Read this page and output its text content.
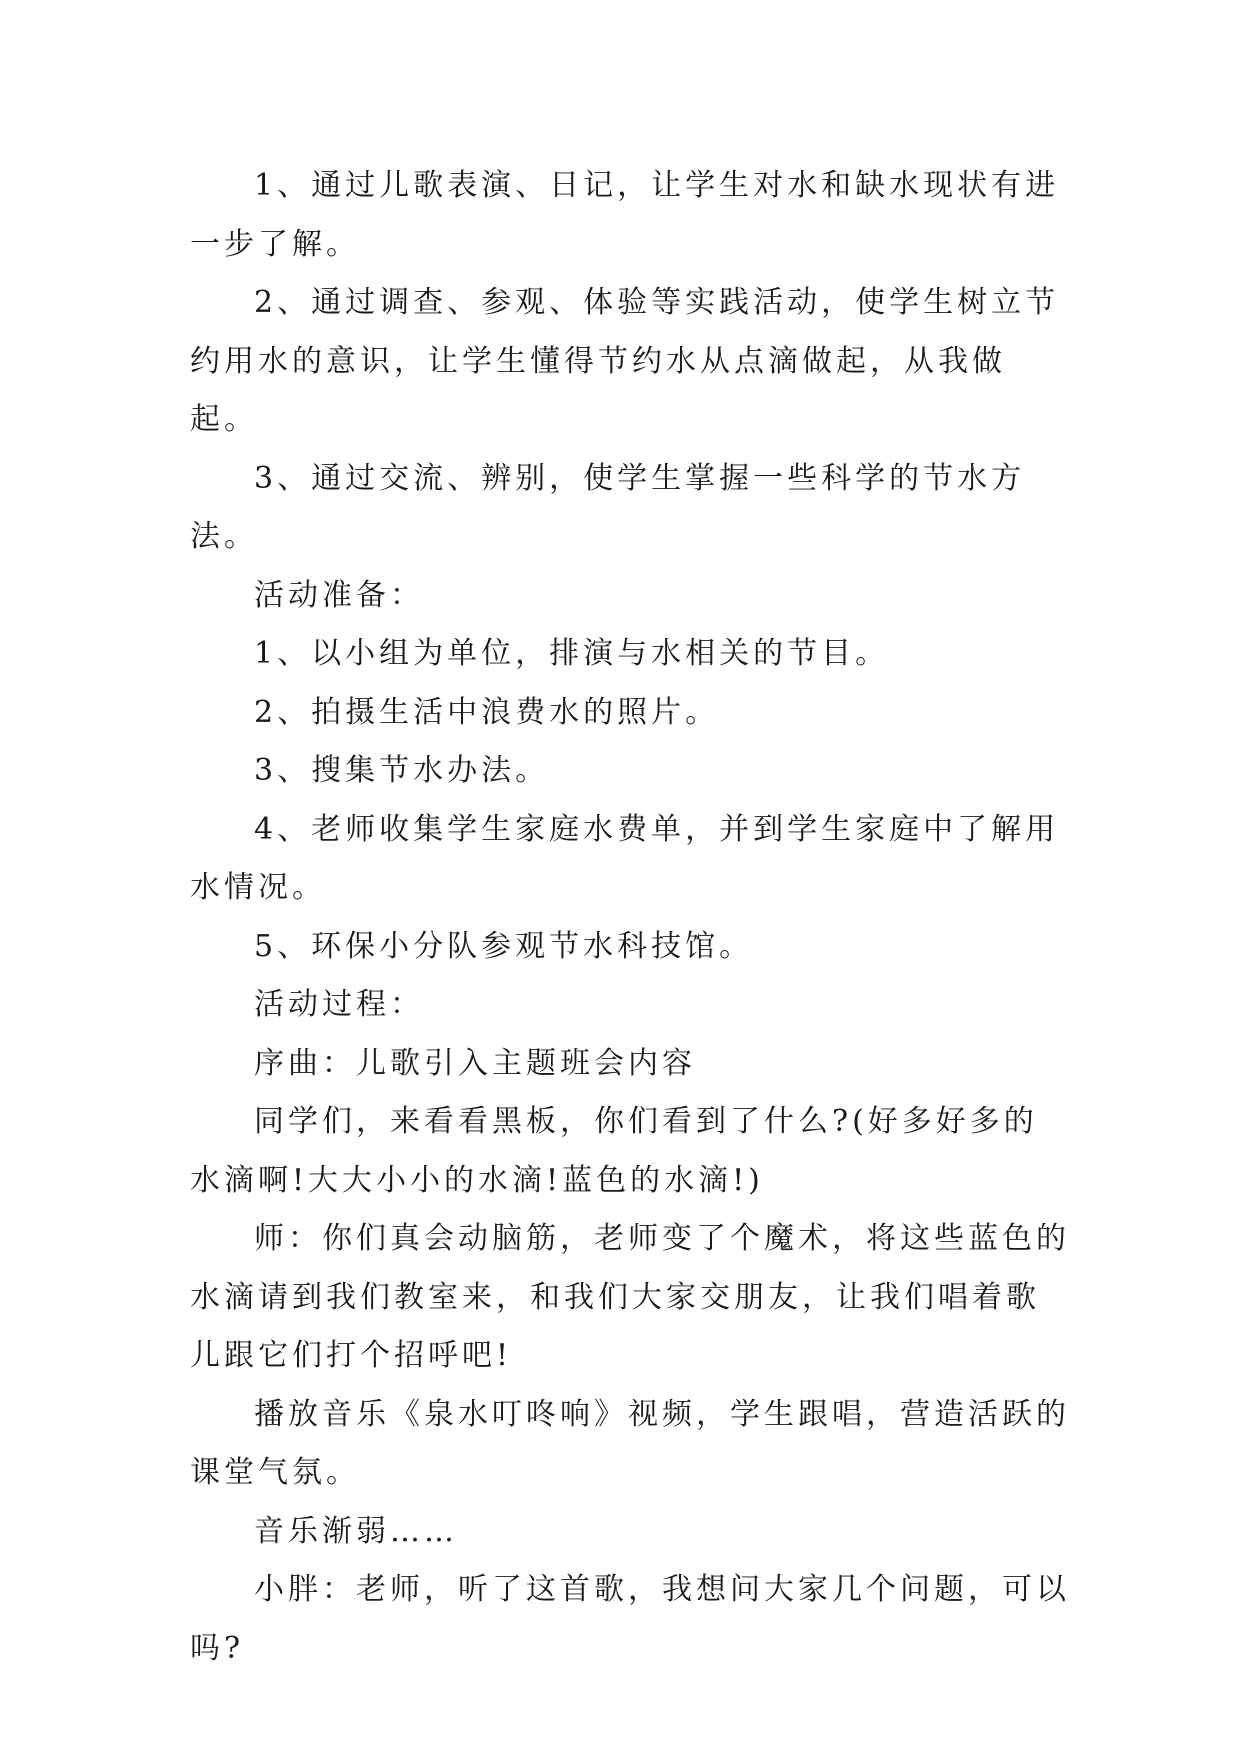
1、通过儿歌表演、日记，让学生对水和缺水现状有进一步了解。

2、通过调查、参观、体验等实践活动，使学生树立节约用水的意识，让学生懂得节约水从点滴做起，从我做起。

3、通过交流、辨别，使学生掌握一些科学的节水方法。

活动准备：

1、以小组为单位，排演与水相关的节目。

2、拍摄生活中浪费水的照片。

3、搜集节水办法。

4、老师收集学生家庭水费单，并到学生家庭中了解用水情况。

5、环保小分队参观节水科技馆。

活动过程：

序曲：儿歌引入主题班会内容

同学们，来看看黑板，你们看到了什么?(好多好多的水滴啊!大大小小的水滴!蓝色的水滴!)

师：你们真会动脑筋，老师变了个魔术，将这些蓝色的水滴请到我们教室来，和我们大家交朋友，让我们唱着歌儿跟它们打个招呼吧!

播放音乐《泉水叮咚响》视频，学生跟唱，营造活跃的课堂气氛。

音乐渐弱……

小胖：老师，听了这首歌，我想问大家几个问题，可以吗?
